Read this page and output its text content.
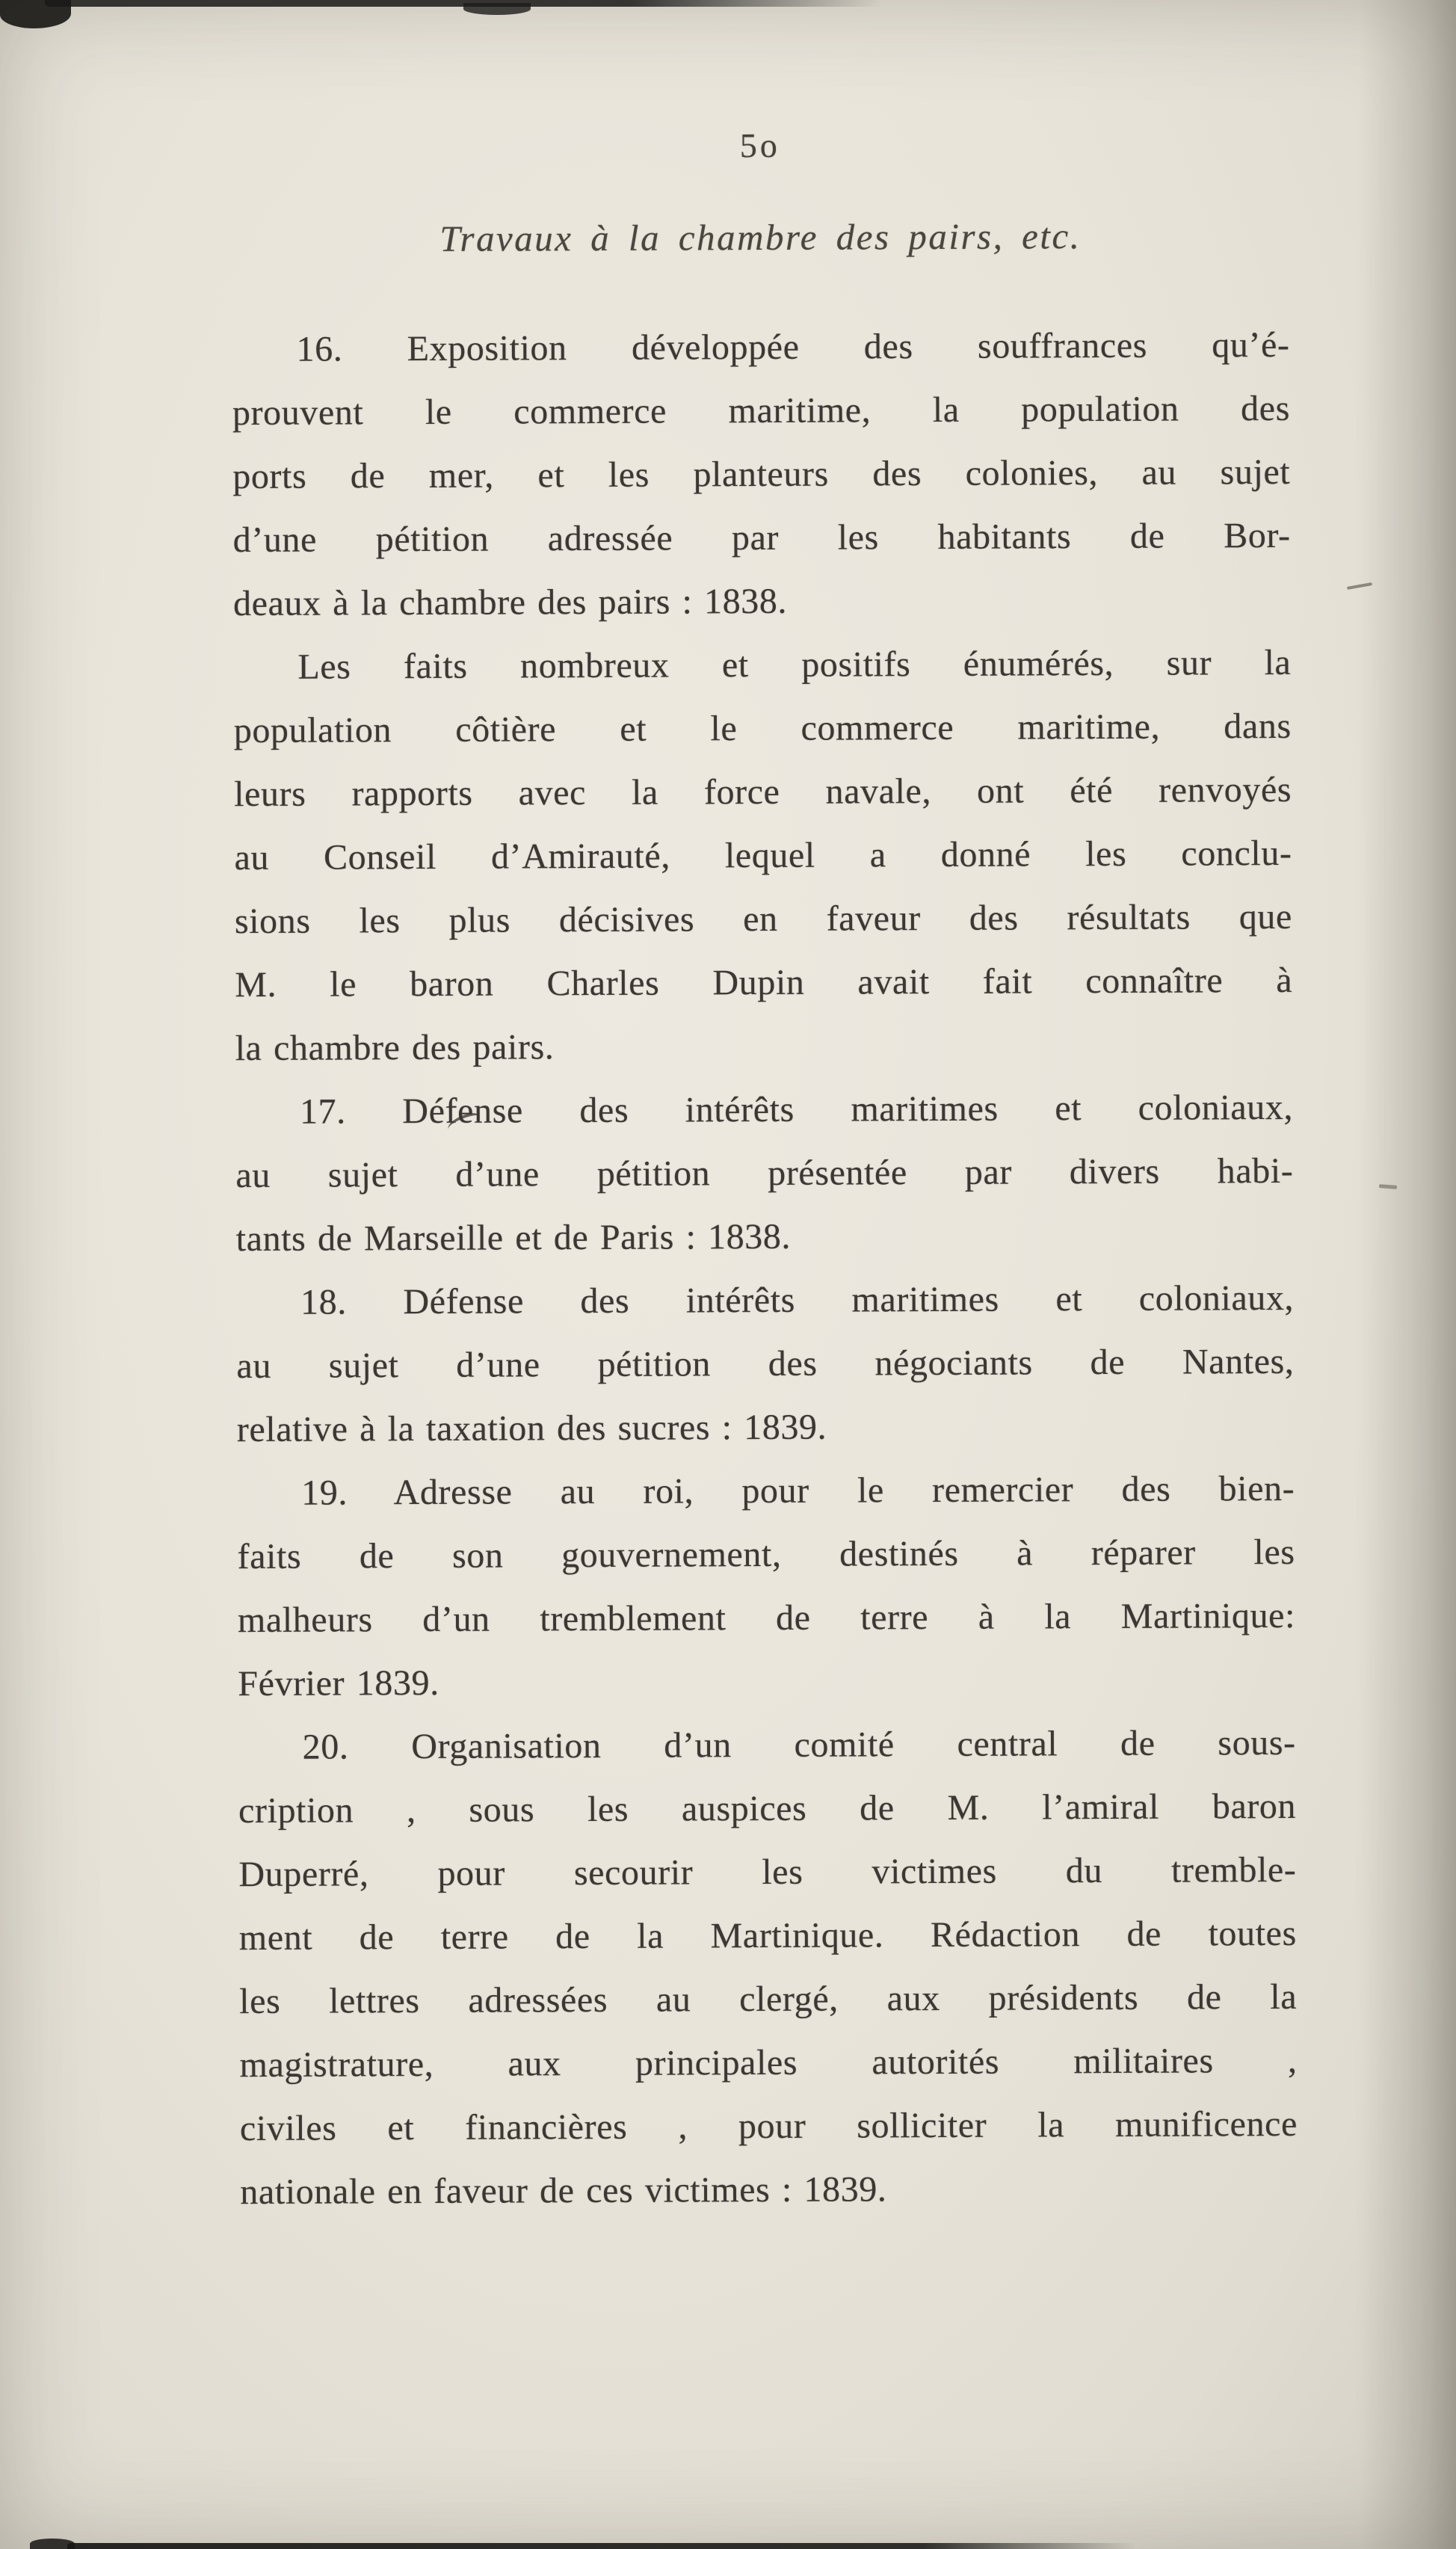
5o
Travaux à la chambre des pairs, etc.
16. Exposition développée des souffrances qu’é-
prouvent le commerce maritime, la population des
ports de mer, et les planteurs des colonies, au sujet
d’une pétition adressée par les habitants de Bor-
deaux à la chambre des pairs : 1838.
Les faits nombreux et positifs énumérés, sur la
population côtière et le commerce maritime, dans
leurs rapports avec la force navale, ont été renvoyés
au Conseil d’Amirauté, lequel a donné les conclu-
sions les plus décisives en faveur des résultats que
M. le baron Charles Dupin avait fait connaître à
la chambre des pairs.
17. Défense des intérêts maritimes et coloniaux,
au sujet d’une pétition présentée par divers habi-
tants de Marseille et de Paris : 1838.
18. Défense des intérêts maritimes et coloniaux,
au sujet d’une pétition des négociants de Nantes,
relative à la taxation des sucres : 1839.
19. Adresse au roi, pour le remercier des bien-
faits de son gouvernement, destinés à réparer les
malheurs d’un tremblement de terre à la Martinique:
Février 1839.
20. Organisation d’un comité central de sous-
cription , sous les auspices de M. l’amiral baron
Duperré, pour secourir les victimes du tremble-
ment de terre de la Martinique. Rédaction de toutes
les lettres adressées au clergé, aux présidents de la
magistrature, aux principales autorités militaires ,
civiles et financières , pour solliciter la munificence
nationale en faveur de ces victimes : 1839.
